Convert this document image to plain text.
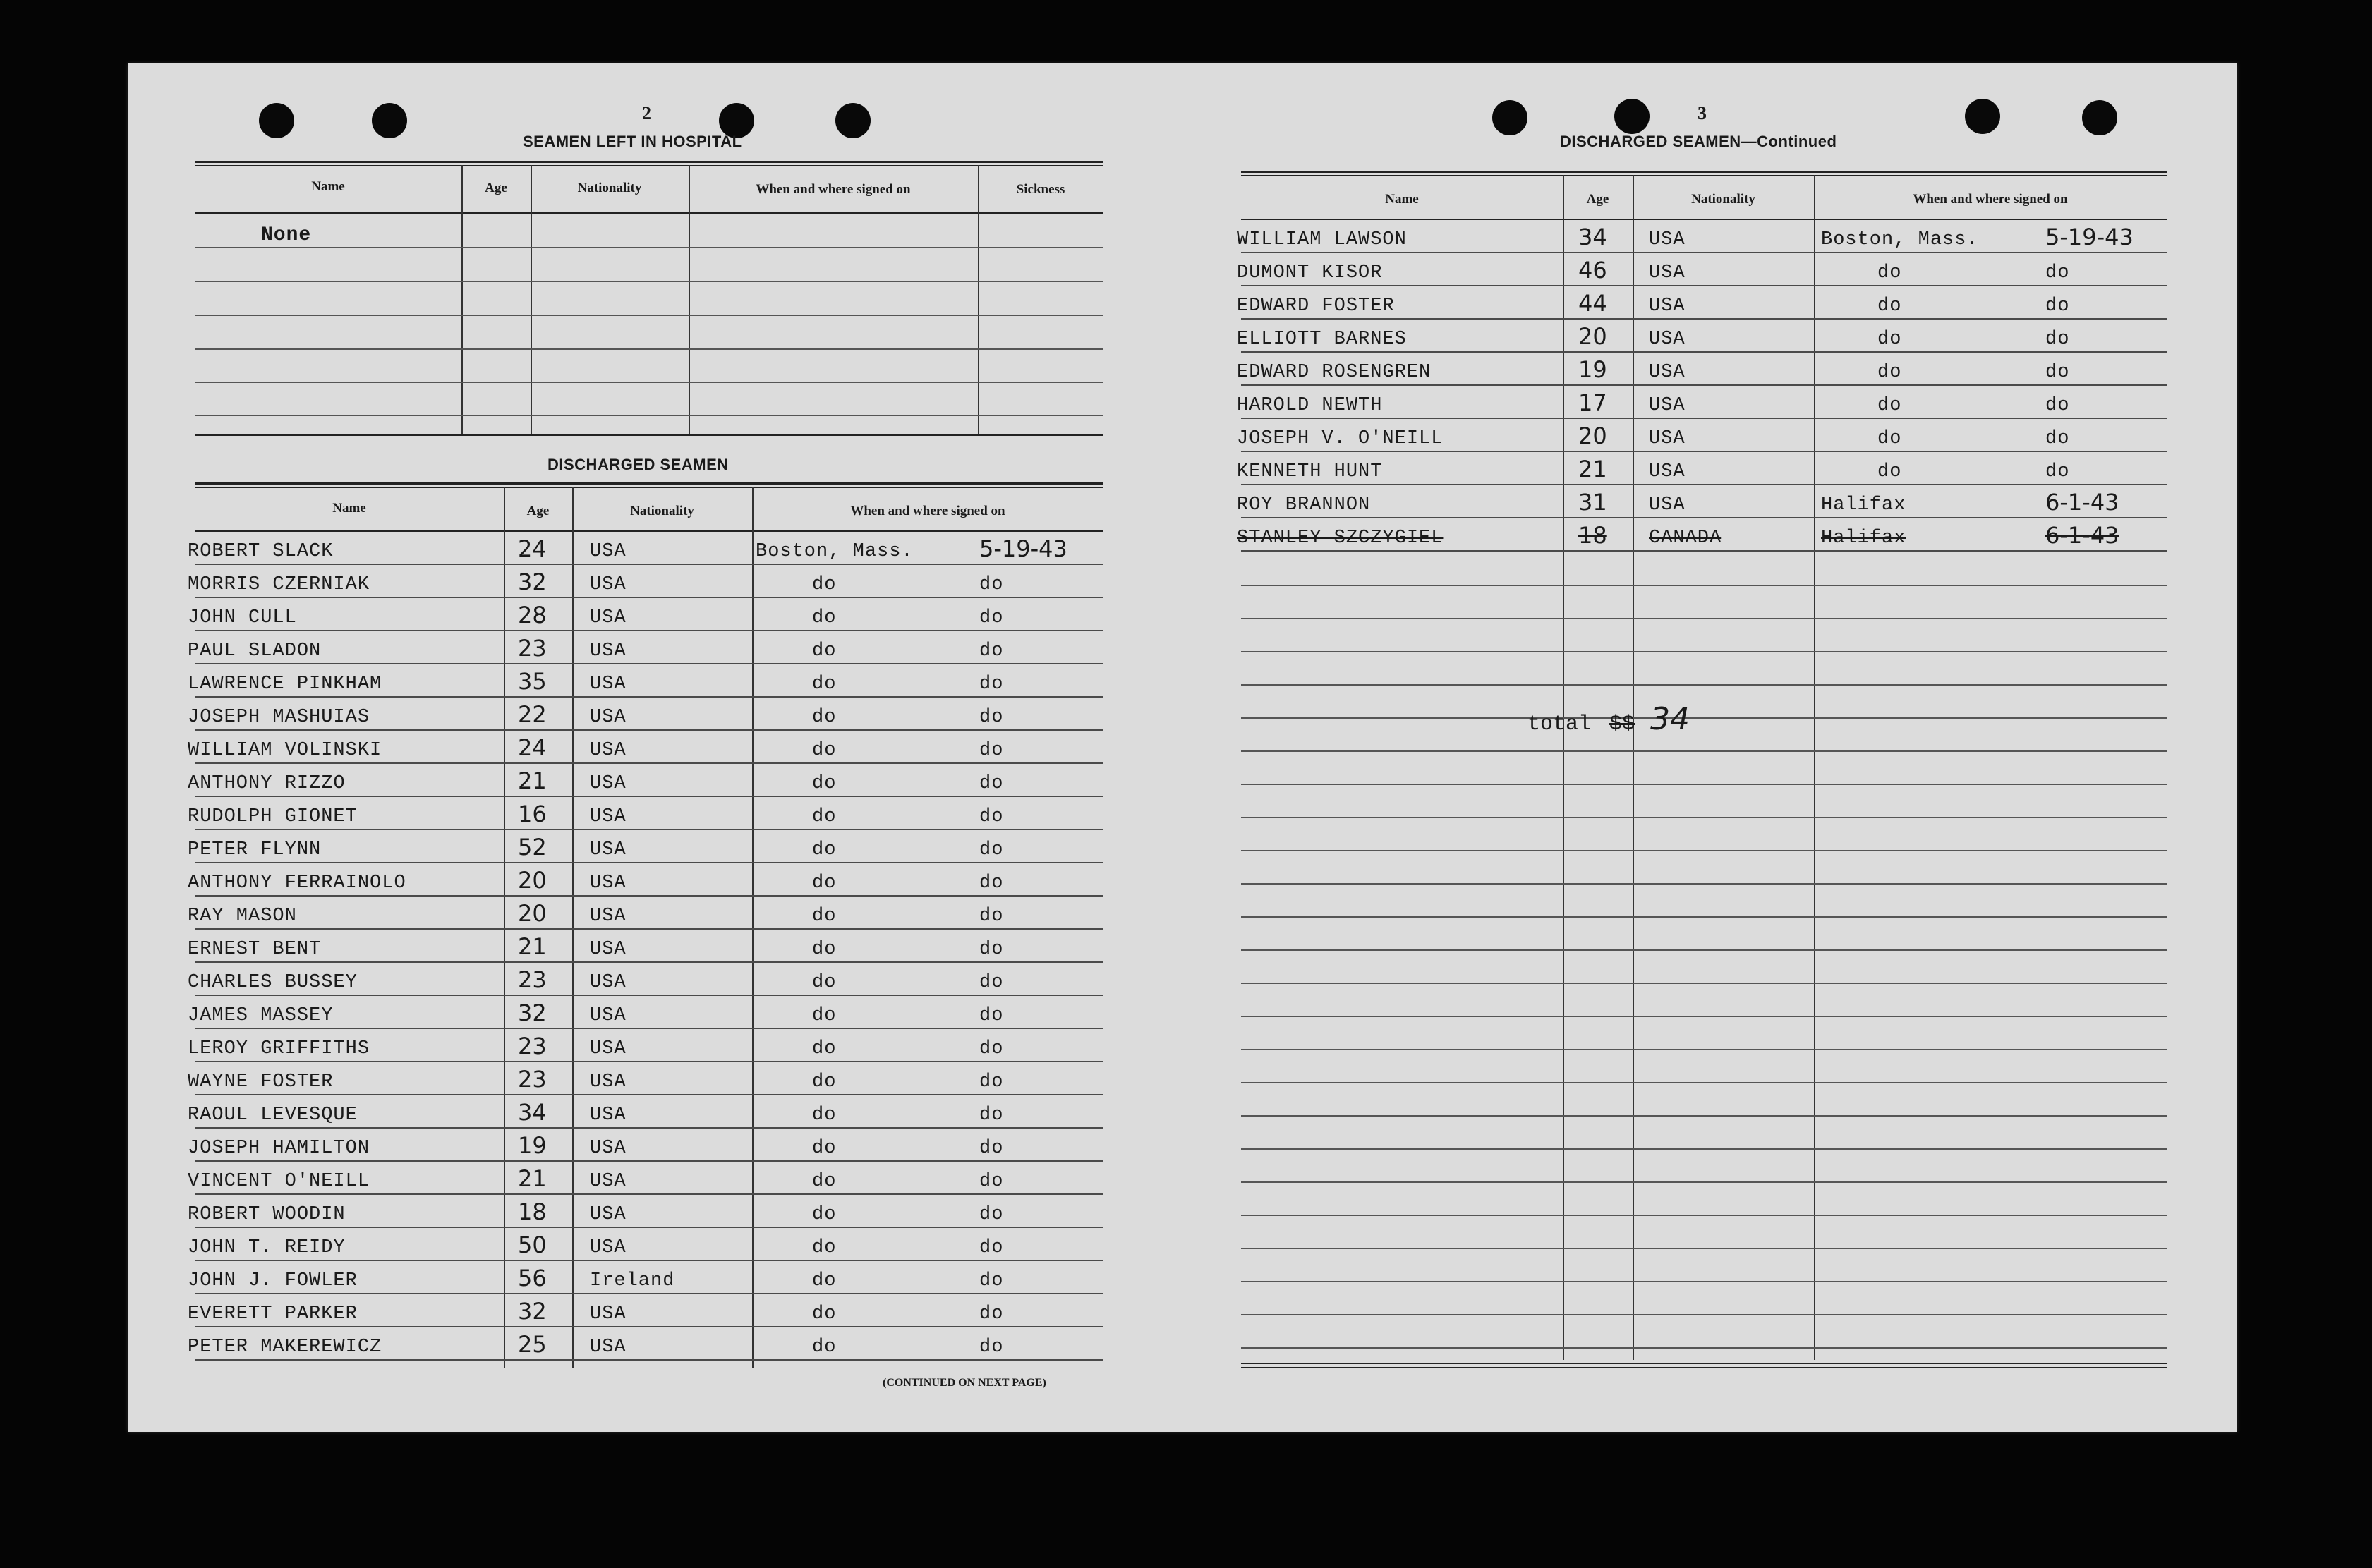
2
SEAMEN LEFT IN HOSPITAL
Name	Age	Nationality	When and where signed on	Sickness
None
DISCHARGED SEAMEN
Name	Age	Nationality	When and where signed on
ROBERT SLACK	24 USA	Boston, Mass.	5-19-43
MORRIS CZERNIAK	32 USA	do	do
JOHN CULL	28 USA	do	do
PAUL SLADON	23 USA	do	do
LAWRENCE PINKHAM	35 USA	do	do
JOSEPH MASHUIAS	22 USA	do	do
WILLIAM VOLINSKI	24 USA	do	do
ANTHONY RIZZO	21 USA	do	do
RUDOLPH GIONET	16 USA	do	do
PETER FLYNN	52 USA	do	do
ANTHONY FERRAINOLO	20 USA	do	do
RAY MASON	20 USA	do	do
ERNEST BENT	21 USA	do	do
CHARLES BUSSEY	23 USA	do	do
JAMES MASSEY	32 USA	do	do
LEROY GRIFFITHS	23 USA	do	do
WAYNE FOSTER	23 USA	do	do
RAOUL LEVESQUE	34 USA	do	do
JOSEPH HAMILTON	19 USA	do	do
VINCENT O'NEILL	21 USA	do	do
ROBERT WOODIN	18 USA	do	do
JOHN T. REIDY	50 USA	do	do
JOHN J. FOWLER	56 Ireland	do	do
EVERETT PARKER	32 USA	do	do
PETER MAKEREWICZ	25 USA	do	do
(CONTINUED ON NEXT PAGE)
3
DISCHARGED SEAMEN—Continued
Name	Age	Nationality	When and where signed on
WILLIAM LAWSON	34 USA	Boston, Mass.	5-19-43
DUMONT KISOR	46 USA	do	do
EDWARD FOSTER	44 USA	do	do
ELLIOTT BARNES	20 USA	do	do
EDWARD ROSENGREN	19 USA	do	do
HAROLD NEWTH	17 USA	do	do
JOSEPH V. O'NEILL	20 USA	do	do
KENNETH HUNT	21 USA	do	do
ROY BRANNON	31 USA	Halifax	6-1-43
STANLEY SZCZYGIEL	18 CANADA	Halifax	6-1-43
total $$ 34
